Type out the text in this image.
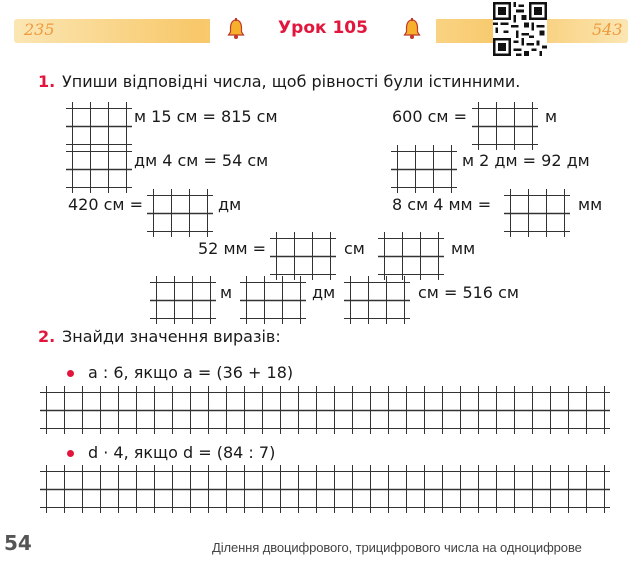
235	543
Урок 105
1. Упиши відповідні числа, щоб рівності були істинними.
м 15 см = 815 см	600 см =	м
дм 4 см = 54 см	м 2 дм = 92 дм
420 см =	дм	8 см 4 мм =	мм
52 мм =	см	мм
м	дм	см = 516 см
2. Знайди значення виразів:
a : 6, якщо a = (36 + 18)
d · 4, якщо d = (84 : 7)
54	Ділення двоцифрового, трицифрового числа на одноцифрове
